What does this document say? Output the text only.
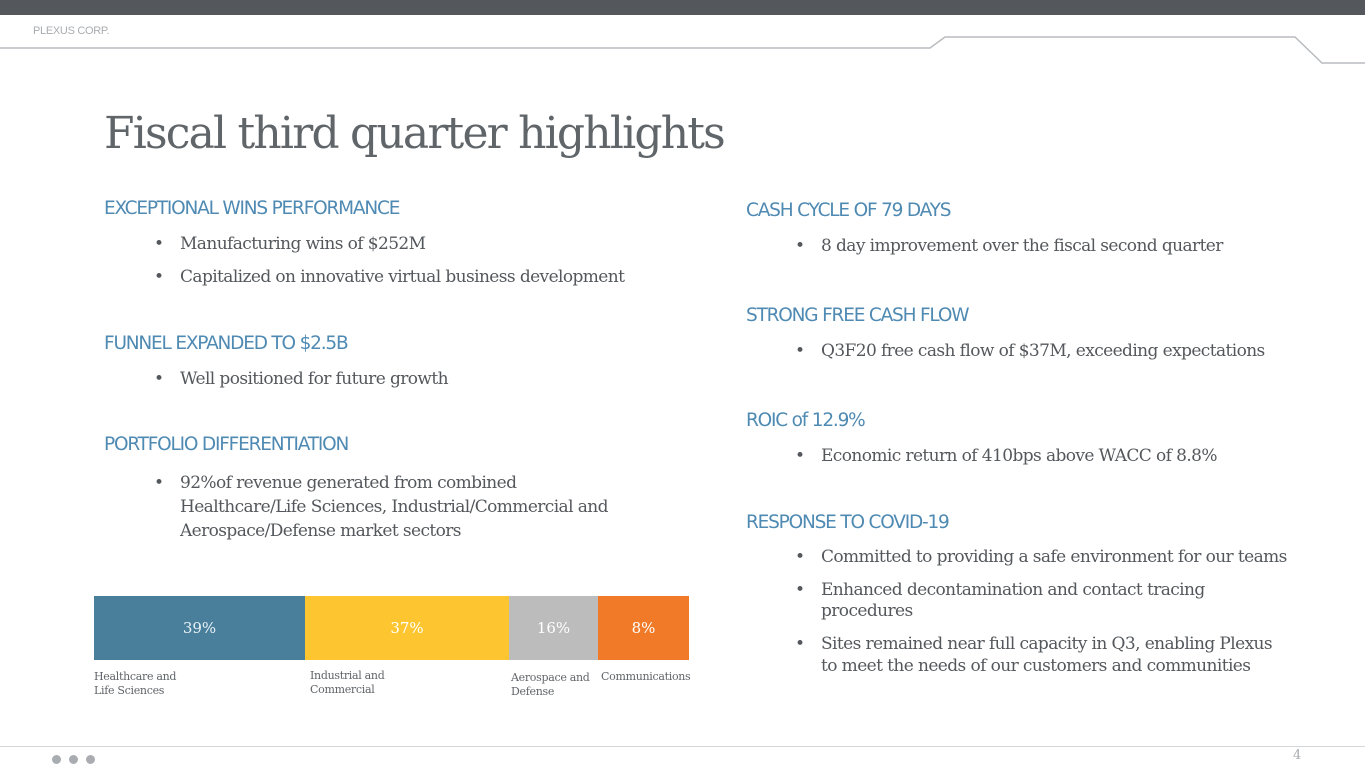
PLEXUS CORP.
Fiscal third quarter highlights
EXCEPTIONAL WINS PERFORMANCE
• Manufacturing wins of $252M
• Capitalized on innovative virtual business development
FUNNEL EXPANDED TO $2.5B
• Well positioned for future growth
PORTFOLIO DIFFERENTIATION
• 92%of revenue generated from combined
Healthcare/Life Sciences, Industrial/Commercial and
Aerospace/Defense market sectors
39%	37%	16%	8%
Healthcare and
Life Sciences
Industrial and
Commercial
Aerospace and
Defense
Communications
CASH CYCLE OF 79 DAYS
• 8 day improvement over the fiscal second quarter
STRONG FREE CASH FLOW
• Q3F20 free cash flow of $37M, exceeding expectations
ROIC of 12.9%
• Economic return of 410bps above WACC of 8.8%
RESPONSE TO COVID-19
• Committed to providing a safe environment for our teams
• Enhanced decontamination and contact tracing
procedures
• Sites remained near full capacity in Q3, enabling Plexus
to meet the needs of our customers and communities
4
